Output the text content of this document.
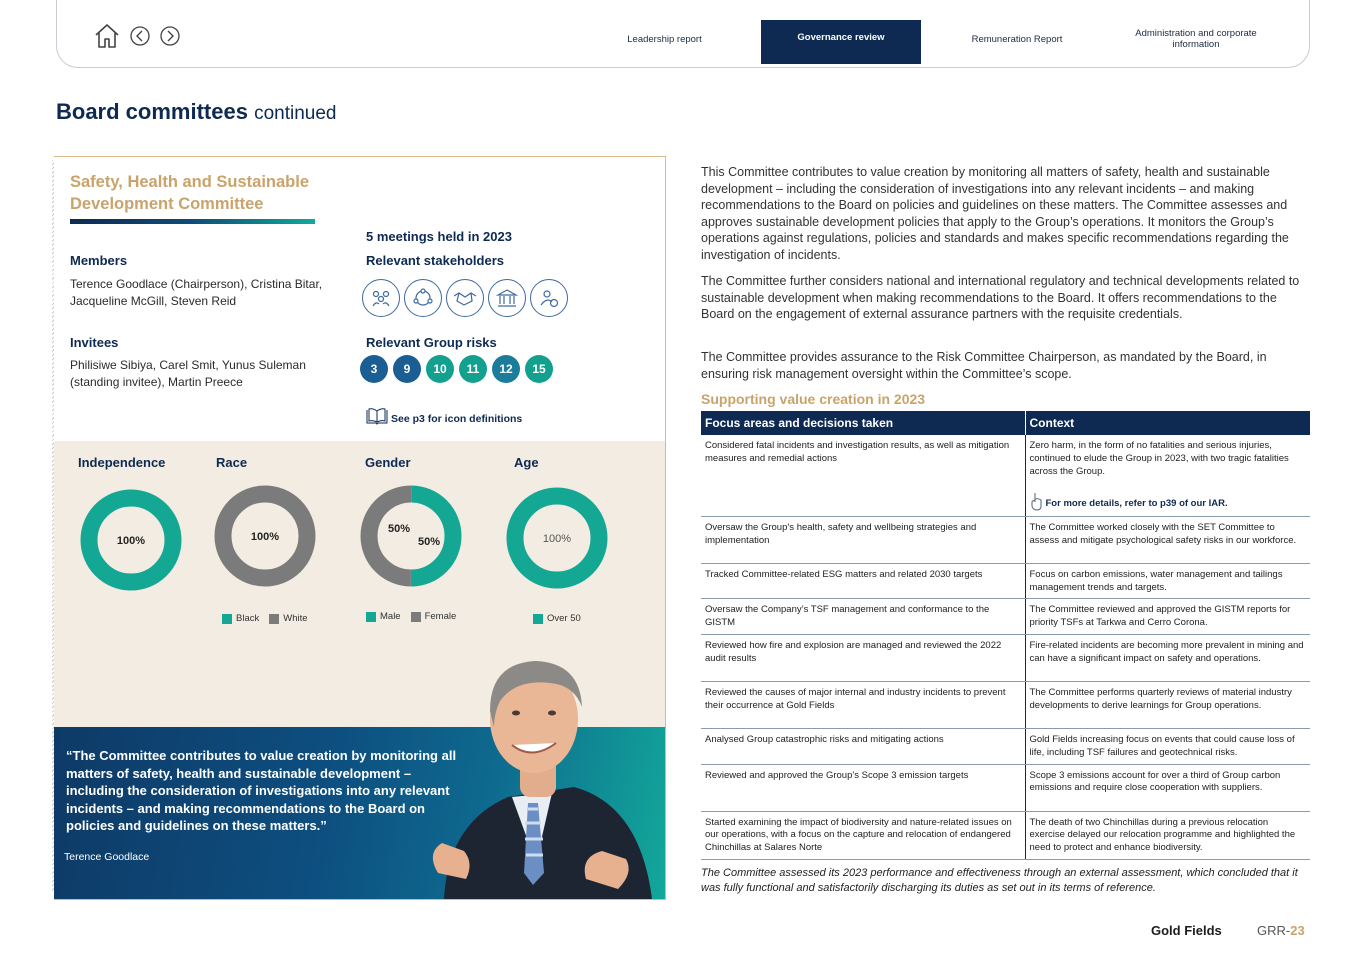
Leadership report	Governance review	Remuneration Report	Administration and corporate information
Board committees continued
Safety, Health and Sustainable Development Committee
5 meetings held in 2023
Members
Terence Goodlace (Chairperson), Cristina Bitar, Jacqueline McGill, Steven Reid
Invitees
Philisiwe Sibiya, Carel Smit, Yunus Suleman (standing invitee), Martin Preece
Relevant stakeholders
Relevant Group risks
3	9	10	11	12	15
See p3 for icon definitions
Independence	Race	Gender	Age
100%	100%
50%
50%	100%
Black	White	Male	Female	Over 50
“The Committee contributes to value creation by monitoring all matters of safety, health and sustainable development – including the consideration of investigations into any relevant incidents – and making recommendations to the Board on policies and guidelines on these matters.”
Terence Goodlace
This Committee contributes to value creation by monitoring all matters of safety, health and sustainable development – including the consideration of investigations into any relevant incidents – and making recommendations to the Board on policies and guidelines on these matters. The Committee assesses and approves sustainable development policies that apply to the Group’s operations. It monitors the Group’s operations against regulations, policies and standards and makes specific recommendations regarding the investigation of incidents.
The Committee further considers national and international regulatory and technical developments related to sustainable development when making recommendations to the Board. It offers recommendations to the Board on the engagement of external assurance partners with the requisite credentials.
The Committee provides assurance to the Risk Committee Chairperson, as mandated by the Board, in ensuring risk management oversight within the Committee’s scope.
Supporting value creation in 2023
Focus areas and decisions taken	Context
Considered fatal incidents and investigation results, as well as mitigation measures and remedial actions	Zero harm, in the form of no fatalities and serious injuries, continued to elude the Group in 2023, with two tragic fatalities across the Group.
For more details, refer to p39 of our IAR.

Oversaw the Group’s health, safety and wellbeing strategies and implementation	The Committee worked closely with the SET Committee to assess and mitigate psychological safety risks in our workforce.
Tracked Committee-related ESG matters and related 2030 targets	Focus on carbon emissions, water management and tailings management trends and targets.
Oversaw the Company’s TSF management and conformance to the GISTM	The Committee reviewed and approved the GISTM reports for priority TSFs at Tarkwa and Cerro Corona.
Reviewed how fire and explosion are managed and reviewed the 2022 audit results	Fire-related incidents are becoming more prevalent in mining and can have a significant impact on safety and operations.
Reviewed the causes of major internal and industry incidents to prevent their occurrence at Gold Fields	The Committee performs quarterly reviews of material industry developments to derive learnings for Group operations.
Analysed Group catastrophic risks and mitigating actions	Gold Fields increasing focus on events that could cause loss of life, including TSF failures and geotechnical risks.
Reviewed and approved the Group’s Scope 3 emission targets	Scope 3 emissions account for over a third of Group carbon emissions and require close cooperation with suppliers.
Started examining the impact of biodiversity and nature-related issues on our operations, with a focus on the capture and relocation of endangered Chinchillas at Salares Norte	The death of two Chinchillas during a previous relocation exercise delayed our relocation programme and highlighted the need to protect and enhance biodiversity.
The Committee assessed its 2023 performance and effectiveness through an external assessment, which concluded that it was fully functional and satisfactorily discharging its duties as set out in its terms of reference.
Gold Fields	GRR-23
